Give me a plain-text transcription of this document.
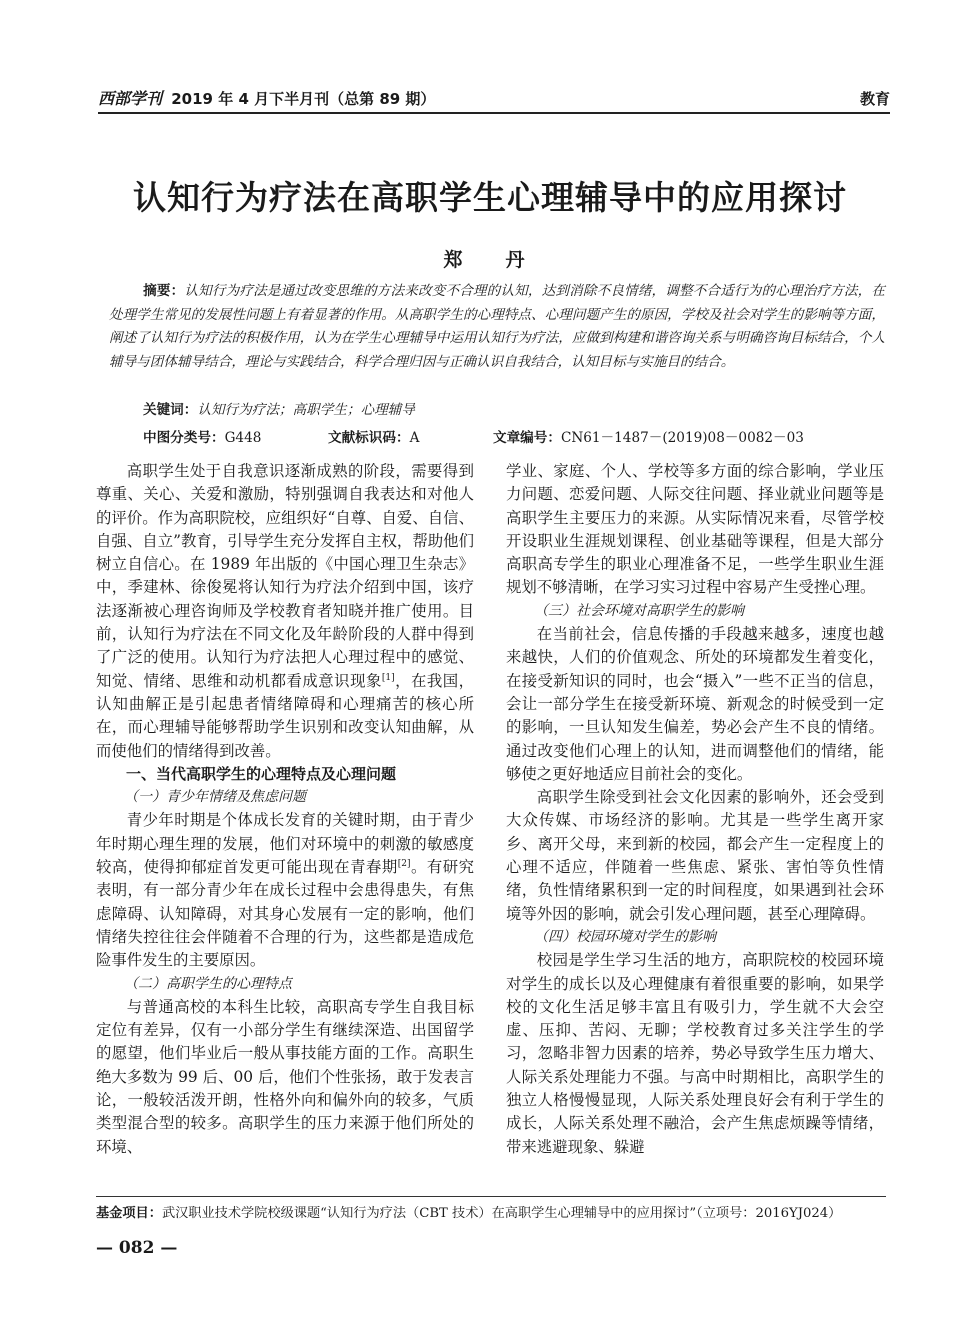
西部学刊 2019 年 4 月下半月刊（总第 89 期）	教育
认知行为疗法在高职学生心理辅导中的应用探讨
郑　丹
摘要：认知行为疗法是通过改变思维的方法来改变不合理的认知，达到消除不良情绪，调整不合适行为的心理治疗方法，在处理学生常见的发展性问题上有着显著的作用。从高职学生的心理特点、心理问题产生的原因，学校及社会对学生的影响等方面，阐述了认知行为疗法的积极作用，认为在学生心理辅导中运用认知行为疗法，应做到构建和谐咨询关系与明确咨询目标结合，个人辅导与团体辅导结合，理论与实践结合，科学合理归因与正确认识自我结合，认知目标与实施目的结合。
关键词：认知行为疗法；高职学生；心理辅导
中图分类号：G448	文献标识码：A	文章编号：CN61－1487－(2019)08－0082－03

高职学生处于自我意识逐渐成熟的阶段，需要得到尊重、关心、关爱和激励，特别强调自我表达和对他人的评价。作为高职院校，应组织好“自尊、自爱、自信、自强、自立”教育，引导学生充分发挥自主权，帮助他们树立自信心。在 1989 年出版的《中国心理卫生杂志》中，季建林、徐俊冕将认知行为疗法介绍到中国，该疗法逐渐被心理咨询师及学校教育者知晓并推广使用。目前，认知行为疗法在不同文化及年龄阶段的人群中得到了广泛的使用。认知行为疗法把人心理过程中的感觉、知觉、情绪、思维和动机都看成意识现象[1]，在我国，认知曲解正是引起患者情绪障碍和心理痛苦的核心所在，而心理辅导能够帮助学生识别和改变认知曲解，从而使他们的情绪得到改善。

一、当代高职学生的心理特点及心理问题
（一）青少年情绪及焦虑问题

青少年时期是个体成长发育的关键时期，由于青少年时期心理生理的发展，他们对环境中的刺激的敏感度较高，使得抑郁症首发更可能出现在青春期[2]。有研究表明，有一部分青少年在成长过程中会患得患失，有焦虑障碍、认知障碍，对其身心发展有一定的影响，他们情绪失控往往会伴随着不合理的行为，这些都是造成危险事件发生的主要原因。

（二）高职学生的心理特点

与普通高校的本科生比较，高职高专学生自我目标定位有差异，仅有一小部分学生有继续深造、出国留学的愿望，他们毕业后一般从事技能方面的工作。高职生绝大多数为 99 后、00 后，他们个性张扬，敢于发表言论，一般较活泼开朗，性格外向和偏外向的较多，气质类型混合型的较多。高职学生的压力来源于他们所处的环境、

学业、家庭、个人、学校等多方面的综合影响，学业压力问题、恋爱问题、人际交往问题、择业就业问题等是高职学生主要压力的来源。从实际情况来看，尽管学校开设职业生涯规划课程、创业基础等课程，但是大部分高职高专学生的职业心理准备不足，一些学生职业生涯规划不够清晰，在学习实习过程中容易产生受挫心理。

（三）社会环境对高职学生的影响

在当前社会，信息传播的手段越来越多，速度也越来越快，人们的价值观念、所处的环境都发生着变化，在接受新知识的同时，也会“摄入”一些不正当的信息，会让一部分学生在接受新环境、新观念的时候受到一定的影响，一旦认知发生偏差，势必会产生不良的情绪。通过改变他们心理上的认知，进而调整他们的情绪，能够使之更好地适应目前社会的变化。

高职学生除受到社会文化因素的影响外，还会受到大众传媒、市场经济的影响。尤其是一些学生离开家乡、离开父母，来到新的校园，都会产生一定程度上的心理不适应，伴随着一些焦虑、紧张、害怕等负性情绪，负性情绪累积到一定的时间程度，如果遇到社会环境等外因的影响，就会引发心理问题，甚至心理障碍。

（四）校园环境对学生的影响

校园是学生学习生活的地方，高职院校的校园环境对学生的成长以及心理健康有着很重要的影响，如果学校的文化生活足够丰富且有吸引力，学生就不大会空虚、压抑、苦闷、无聊；学校教育过多关注学生的学习，忽略非智力因素的培养，势必导致学生压力增大、人际关系处理能力不强。与高中时期相比，高职学生的独立人格慢慢显现，人际关系处理良好会有利于学生的成长，人际关系处理不融洽，会产生焦虑烦躁等情绪，带来逃避现象、躲避

基金项目：武汉职业技术学院校级课题“认知行为疗法（CBT 技术）在高职学生心理辅导中的应用探讨”（立项号：2016YJ024）
— 082 —
